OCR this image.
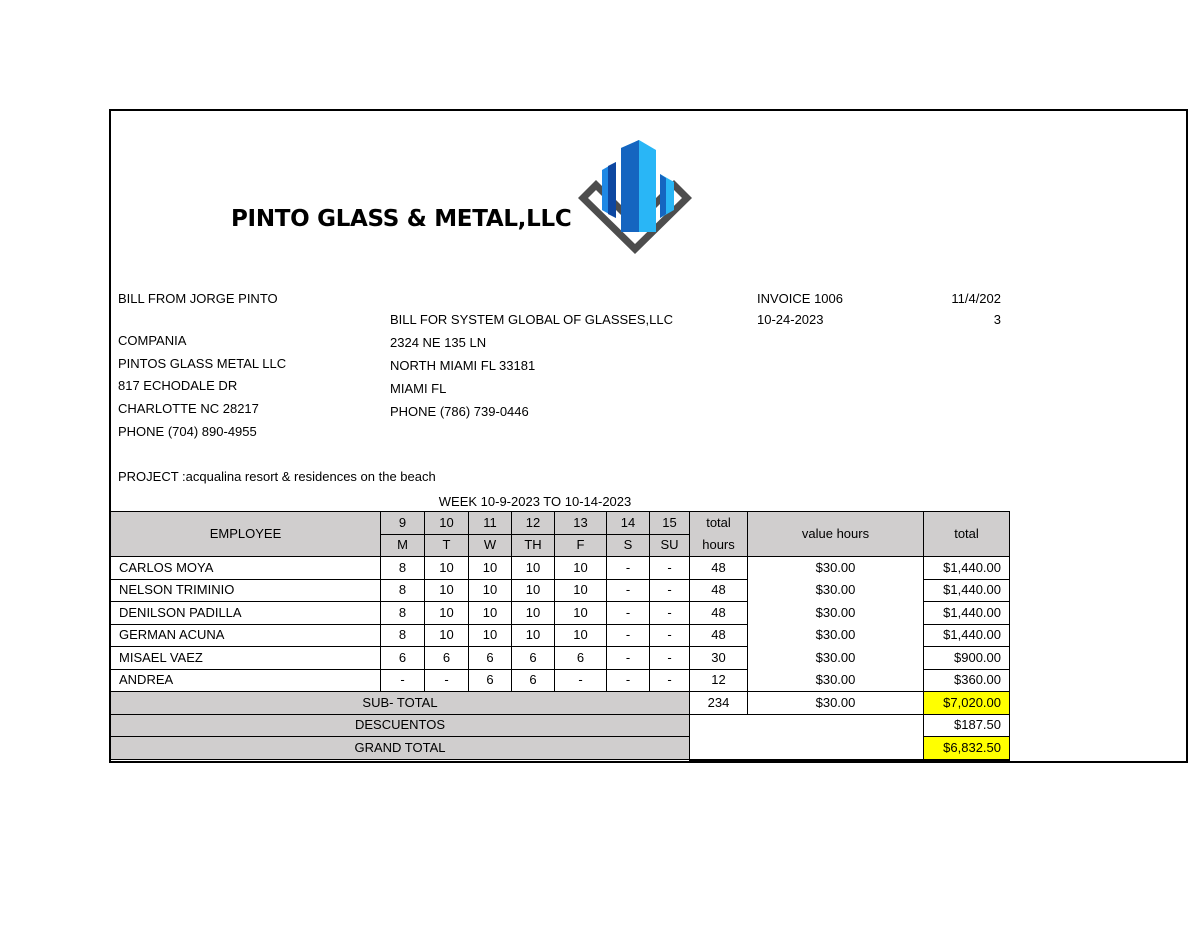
PINTO GLASS & METAL,LLC
BILL FROM JORGE PINTO
COMPANIA
PINTOS GLASS METAL LLC
817 ECHODALE DR
CHARLOTTE NC 28217
PHONE (704) 890-4955
BILL FOR SYSTEM GLOBAL OF GLASSES,LLC
2324 NE 135 LN
NORTH MIAMI FL 33181
MIAMI FL
PHONE (786) 739-0446
INVOICE 1006
10-24-2023
11/4/202
3
PROJECT :acqualina resort & residences on the beach
WEEK 10-9-2023 TO 10-14-2023
EMPLOYEE	9	10	11	12	13	14	15	total	value hours	total
	M	T	W	TH	F	S	SU	hours		
CARLOS MOYA	8	10	10	10	10	-	-	48	$30.00	$1,440.00
NELSON TRIMINIO	8	10	10	10	10	-	-	48	$30.00	$1,440.00
DENILSON PADILLA	8	10	10	10	10	-	-	48	$30.00	$1,440.00
GERMAN ACUNA	8	10	10	10	10	-	-	48	$30.00	$1,440.00
MISAEL VAEZ	6	6	6	6	6	-	-	30	$30.00	$900.00
ANDREA	-	-	6	6	-	-	-	12	$30.00	$360.00
SUB- TOTAL								234	$30.00	$7,020.00
DESCUENTOS										$187.50
GRAND TOTAL										$6,832.50
